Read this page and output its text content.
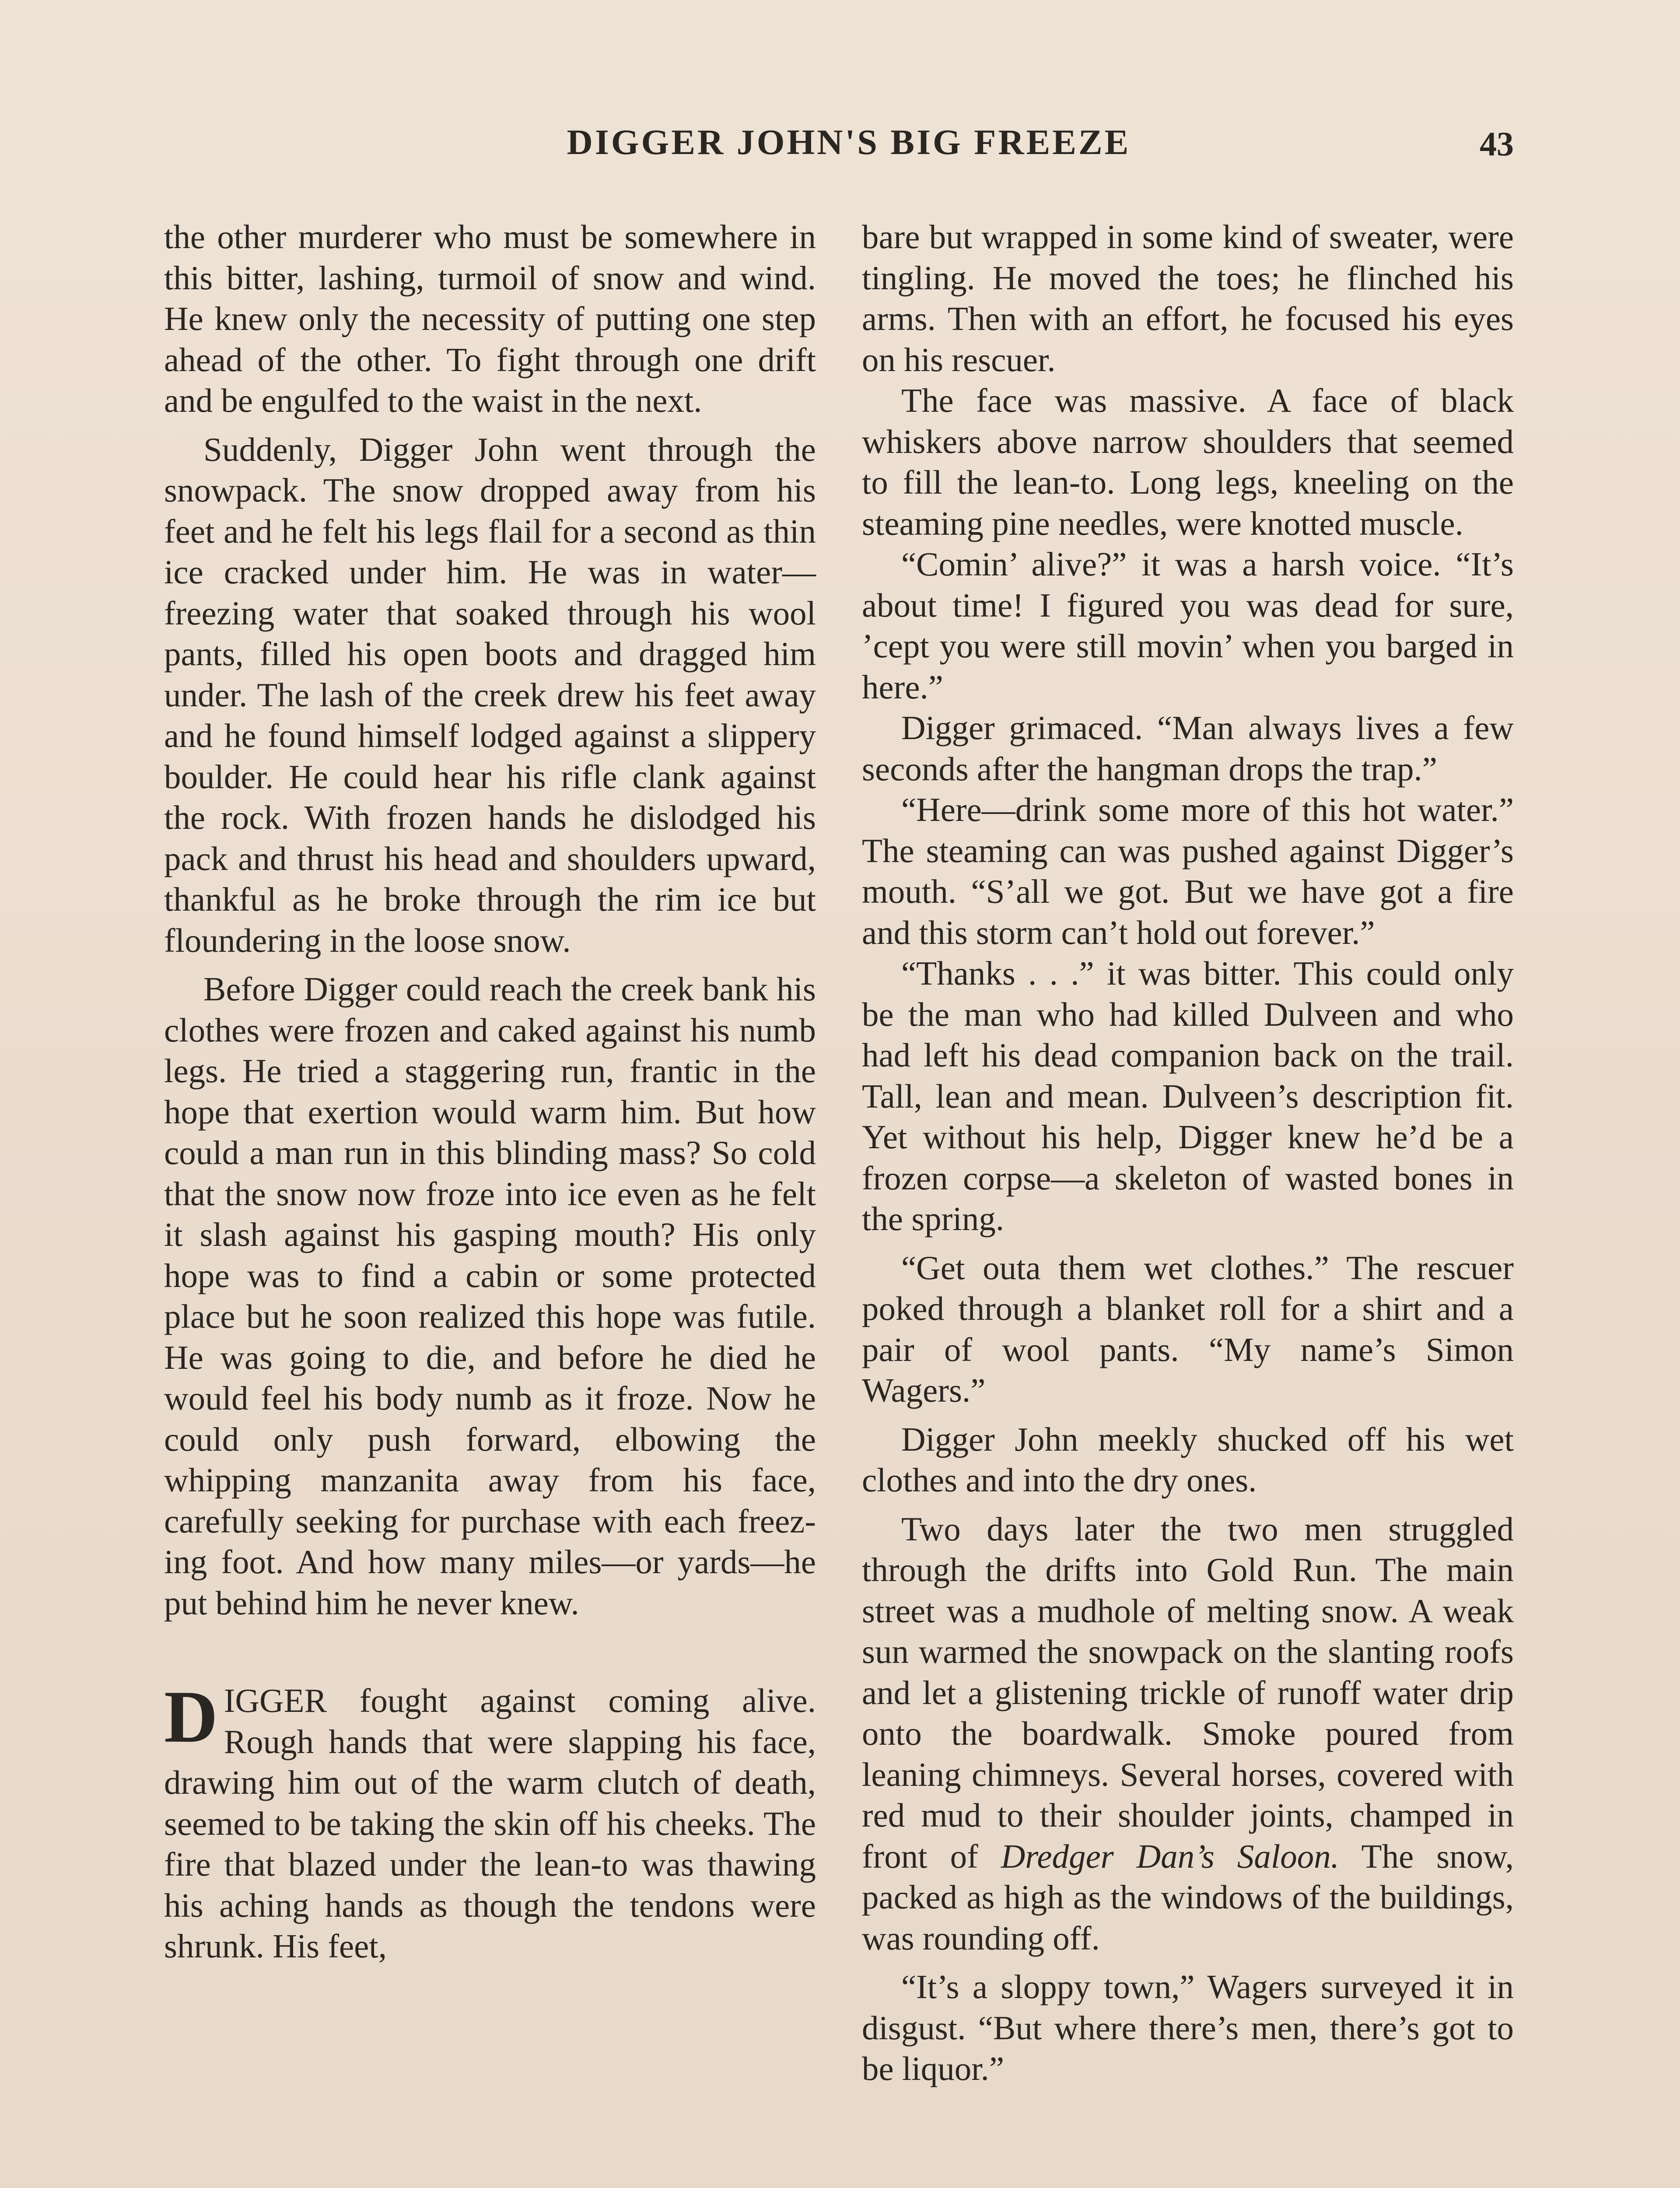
DIGGER JOHN'S BIG FREEZE	43

the other murderer who must be somewhere in this bitter, lashing, turmoil of snow and wind. He knew only the necessity of putting one step ahead of the other. To fight through one drift and be engulfed to the waist in the next.

Suddenly, Digger John went through the snowpack. The snow dropped away from his feet and he felt his legs flail for a second as thin ice cracked under him. He was in water—freezing water that soaked through his wool pants, filled his open boots and dragged him under. The lash of the creek drew his feet away and he found himself lodged against a slippery boulder. He could hear his rifle clank against the rock. With frozen hands he dislodged his pack and thrust his head and shoulders upward, thankful as he broke through the rim ice but floundering in the loose snow.

Before Digger could reach the creek bank his clothes were frozen and caked against his numb legs. He tried a staggering run, frantic in the hope that exertion would warm him. But how could a man run in this blinding mass? So cold that the snow now froze into ice even as he felt it slash against his gasping mouth? His only hope was to find a cabin or some protected place but he soon realized this hope was futile. He was going to die, and before he died he would feel his body numb as it froze. Now he could only push forward, elbowing the whipping manzanita away from his face, carefully seeking for purchase with each freezing foot. And how many miles—or yards—he put behind him he never knew.

DIGGER fought against coming alive. Rough hands that were slapping his face, drawing him out of the warm clutch of death, seemed to be taking the skin off his cheeks. The fire that blazed under the lean-to was thawing his aching hands as though the tendons were shrunk. His feet,

bare but wrapped in some kind of sweater, were tingling. He moved the toes; he flinched his arms. Then with an effort, he focused his eyes on his rescuer.

The face was massive. A face of black whiskers above narrow shoulders that seemed to fill the lean-to. Long legs, kneeling on the steaming pine needles, were knotted muscle.

“Comin’ alive?” it was a harsh voice. “It’s about time! I figured you was dead for sure, ’cept you were still movin’ when you barged in here.”

Digger grimaced. “Man always lives a few seconds after the hangman drops the trap.”

“Here—drink some more of this hot water.” The steaming can was pushed against Digger’s mouth. “S’all we got. But we have got a fire and this storm can’t hold out forever.”

“Thanks . . .” it was bitter. This could only be the man who had killed Dulveen and who had left his dead companion back on the trail. Tall, lean and mean. Dulveen’s description fit. Yet without his help, Digger knew he’d be a frozen corpse—a skeleton of wasted bones in the spring.

“Get outa them wet clothes.” The rescuer poked through a blanket roll for a shirt and a pair of wool pants. “My name’s Simon Wagers.”

Digger John meekly shucked off his wet clothes and into the dry ones.

Two days later the two men struggled through the drifts into Gold Run. The main street was a mudhole of melting snow. A weak sun warmed the snowpack on the slanting roofs and let a glistening trickle of runoff water drip onto the boardwalk. Smoke poured from leaning chimneys. Several horses, covered with red mud to their shoulder joints, champed in front of Dredger Dan’s Saloon. The snow, packed as high as the windows of the buildings, was rounding off.

“It’s a sloppy town,” Wagers surveyed it in disgust. “But where there’s men, there’s got to be liquor.”
